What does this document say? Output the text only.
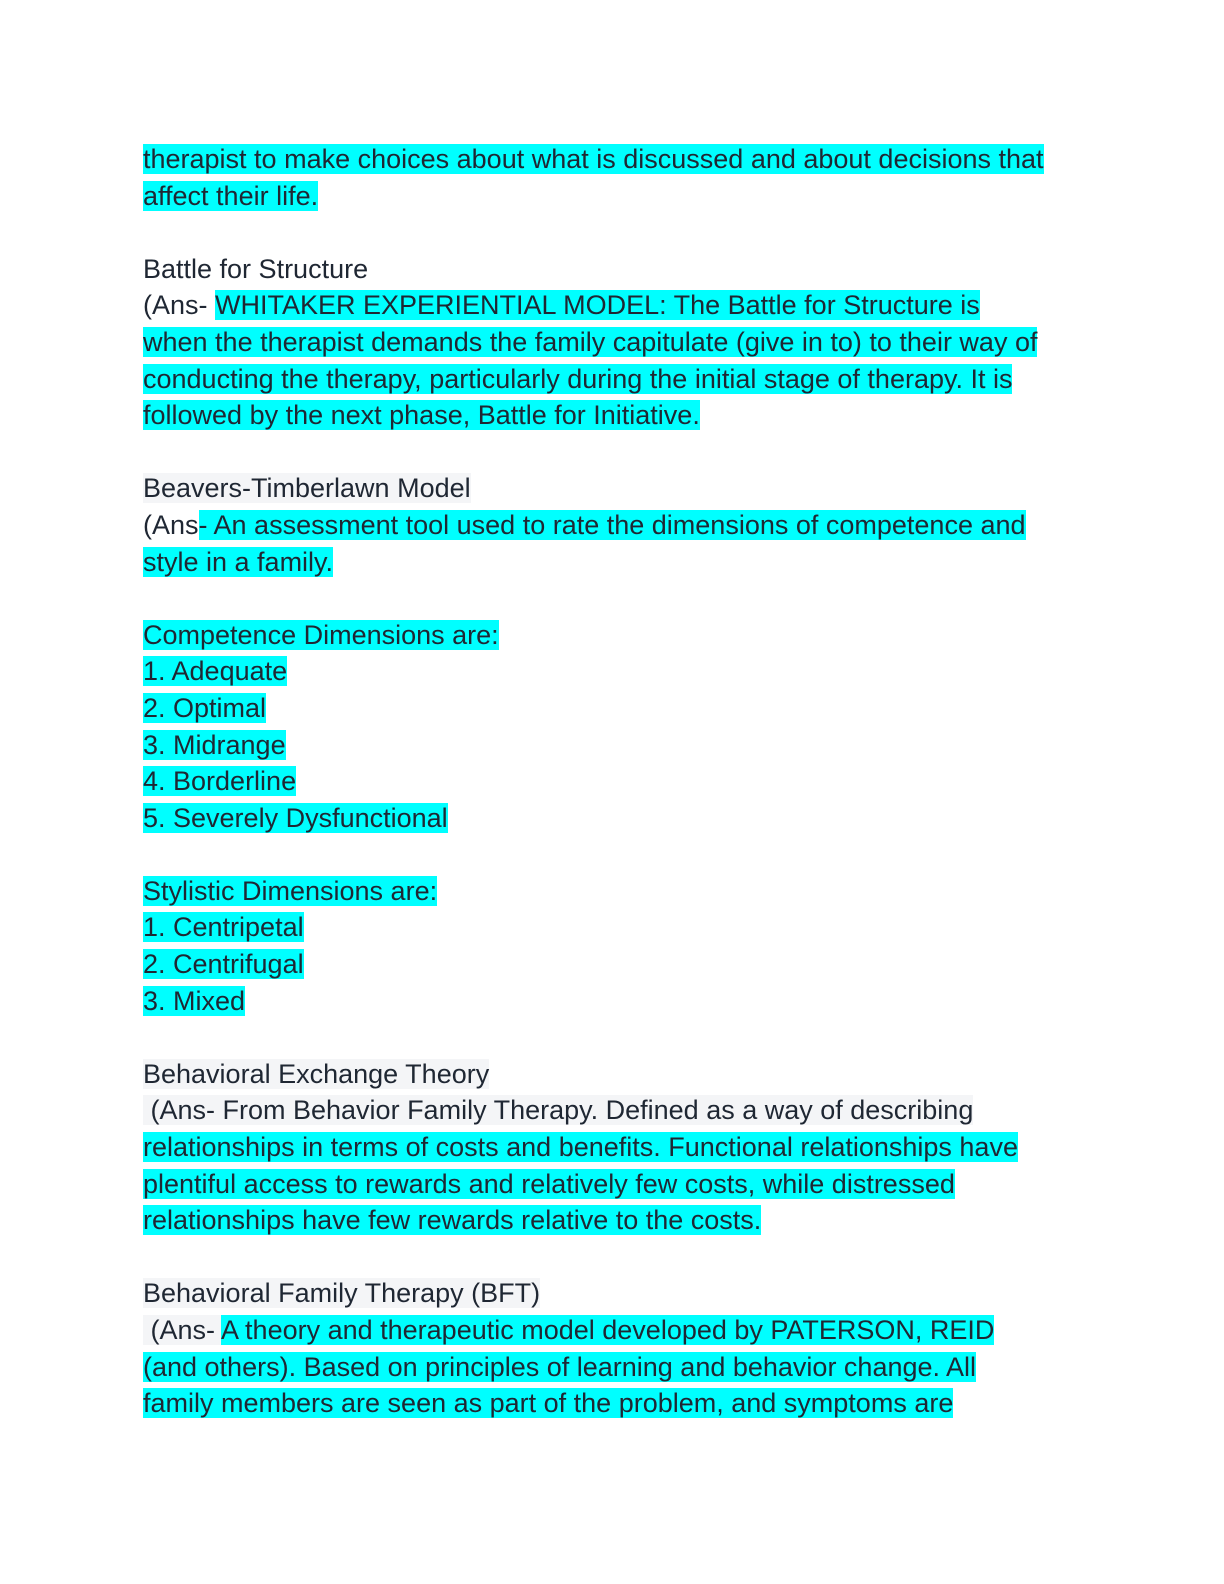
therapist to make choices about what is discussed and about decisions that
affect their life.
Battle for Structure
(Ans- WHITAKER EXPERIENTIAL MODEL: The Battle for Structure is
when the therapist demands the family capitulate (give in to) to their way of
conducting the therapy, particularly during the initial stage of therapy. It is
followed by the next phase, Battle for Initiative.
Beavers-Timberlawn Model
(Ans- An assessment tool used to rate the dimensions of competence and
style in a family.
Competence Dimensions are:
1. Adequate
2. Optimal
3. Midrange
4. Borderline
5. Severely Dysfunctional
Stylistic Dimensions are:
1. Centripetal
2. Centrifugal
3. Mixed
Behavioral Exchange Theory
(Ans- From Behavior Family Therapy. Defined as a way of describing
relationships in terms of costs and benefits. Functional relationships have
plentiful access to rewards and relatively few costs, while distressed
relationships have few rewards relative to the costs.
Behavioral Family Therapy (BFT)
(Ans- A theory and therapeutic model developed by PATERSON, REID
(and others). Based on principles of learning and behavior change. All
family members are seen as part of the problem, and symptoms are
